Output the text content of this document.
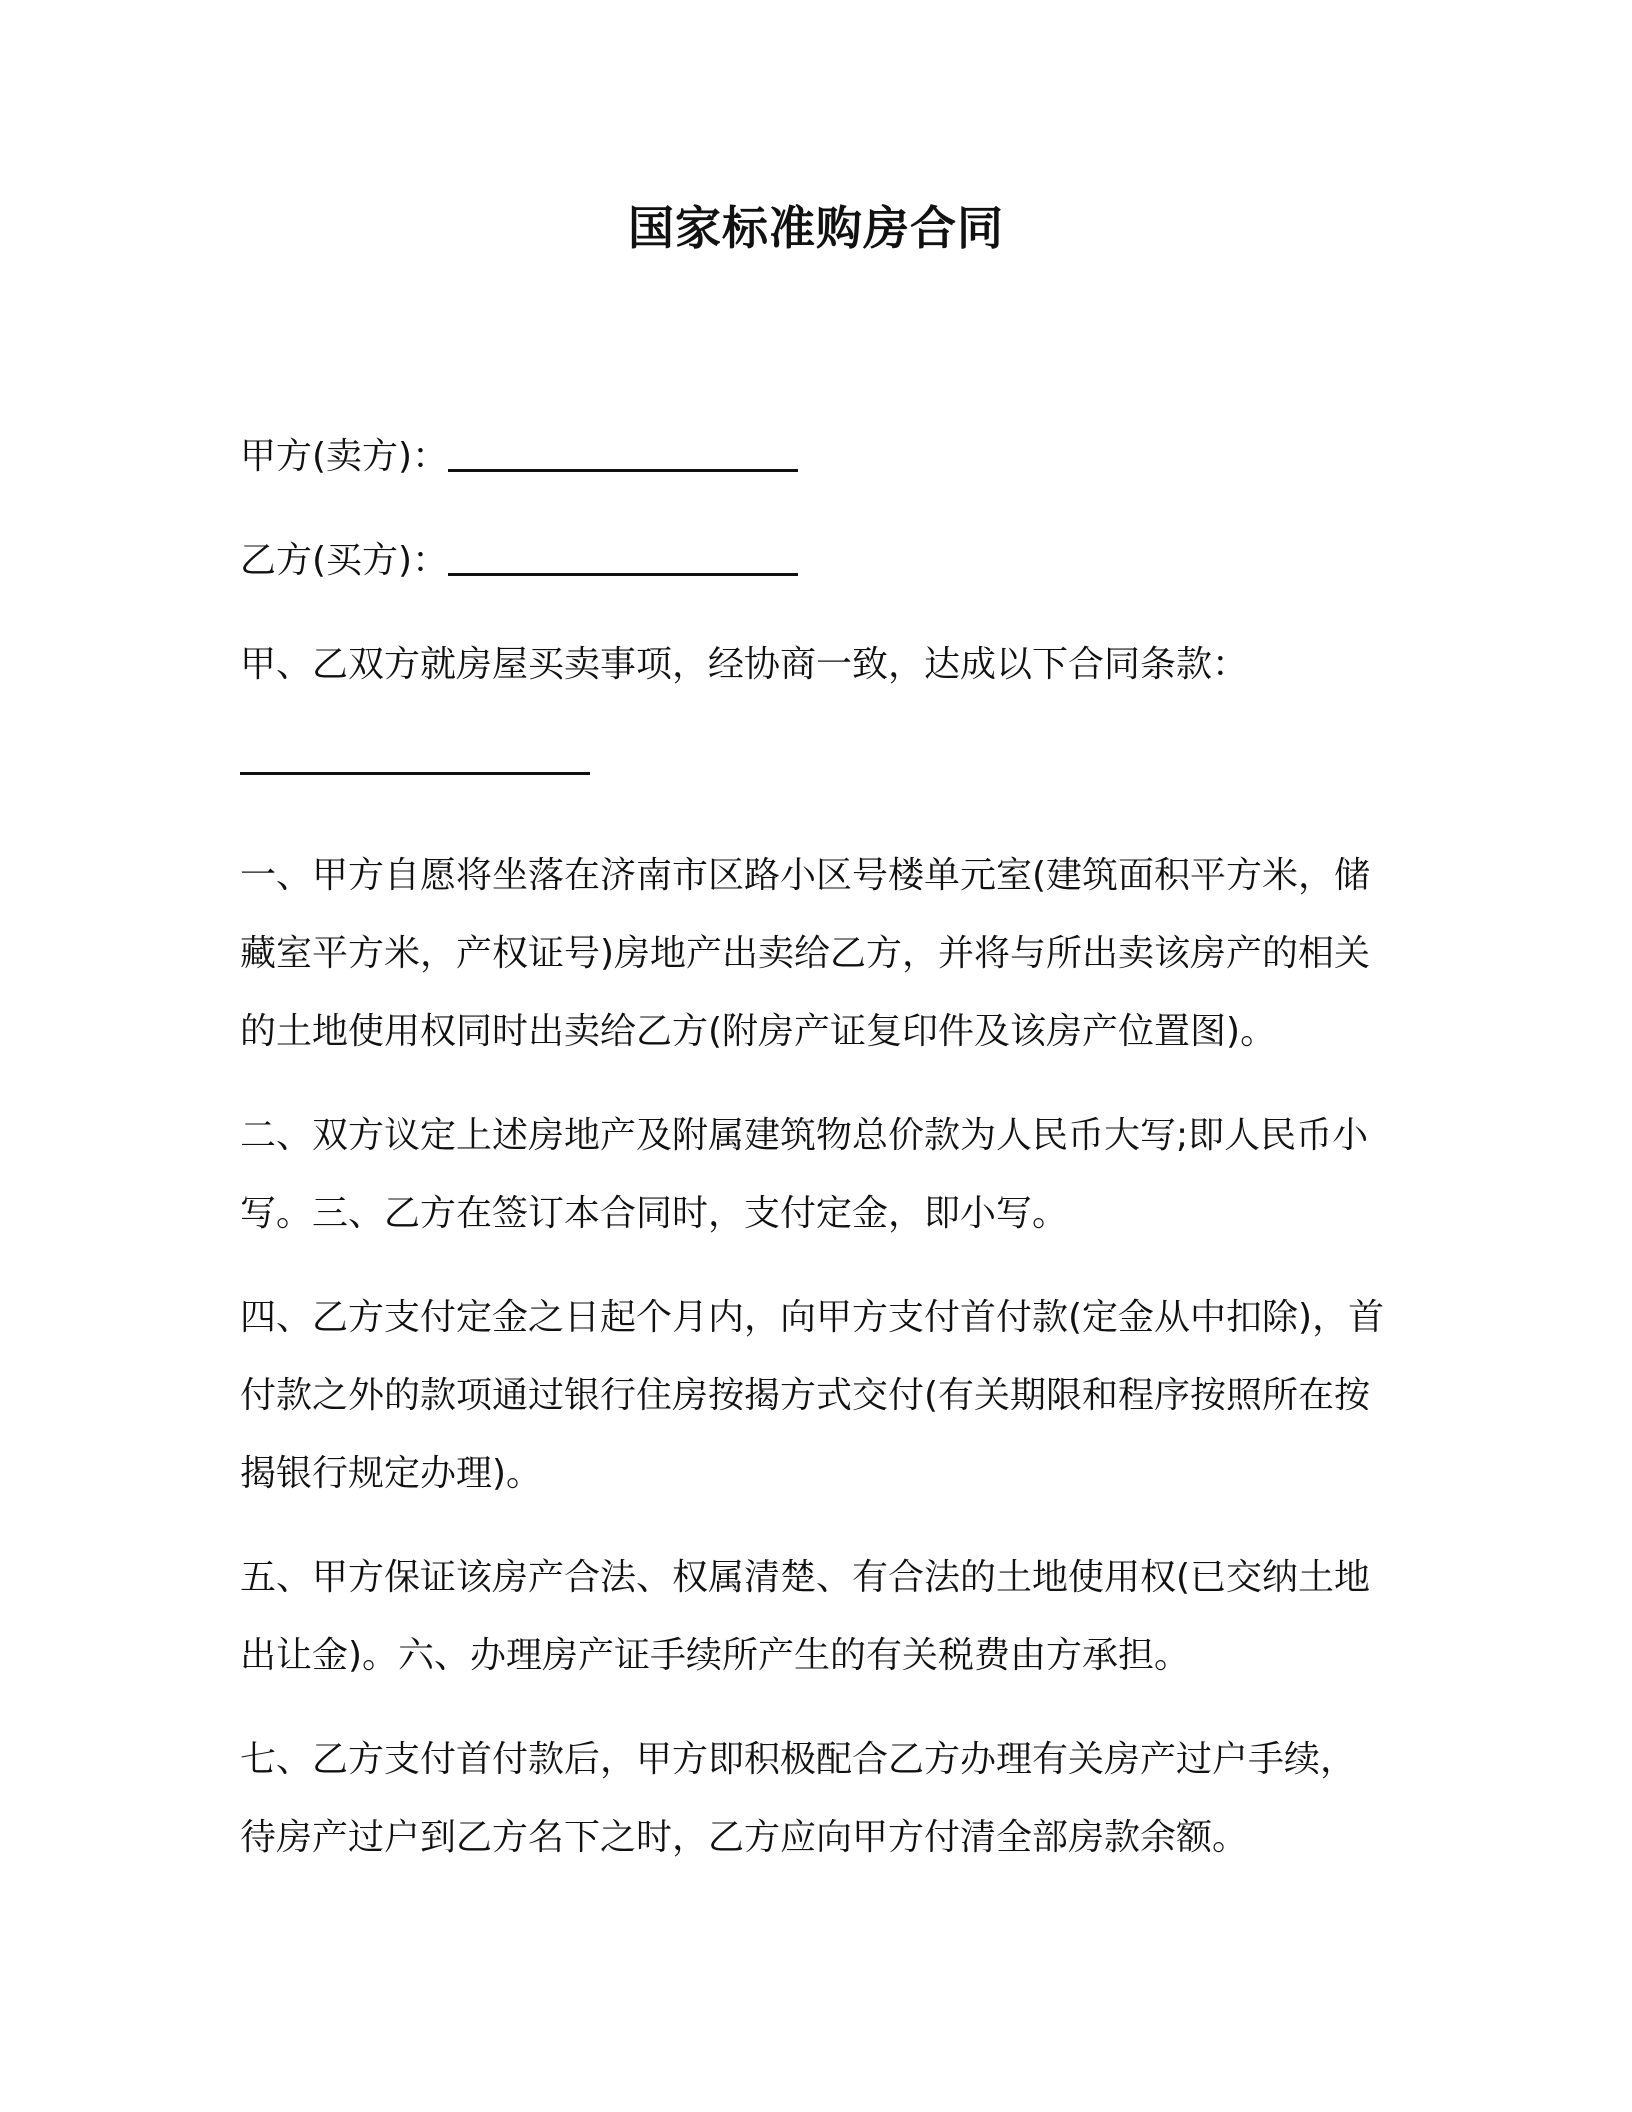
国家标准购房合同
甲方(卖方)：
乙方(买方)：
甲、乙双方就房屋买卖事项，经协商一致，达成以下合同条款：
一、甲方自愿将坐落在济南市区路小区号楼单元室(建筑面积平方米，储藏室平方米，产权证号)房地产出卖给乙方，并将与所出卖该房产的相关的土地使用权同时出卖给乙方(附房产证复印件及该房产位置图)。
二、双方议定上述房地产及附属建筑物总价款为人民币大写;即人民币小写。三、乙方在签订本合同时，支付定金，即小写。
四、乙方支付定金之日起个月内，向甲方支付首付款(定金从中扣除)，首付款之外的款项通过银行住房按揭方式交付(有关期限和程序按照所在按揭银行规定办理)。
五、甲方保证该房产合法、权属清楚、有合法的土地使用权(已交纳土地出让金)。六、办理房产证手续所产生的有关税费由方承担。
七、乙方支付首付款后，甲方即积极配合乙方办理有关房产过户手续，待房产过户到乙方名下之时，乙方应向甲方付清全部房款余额。
